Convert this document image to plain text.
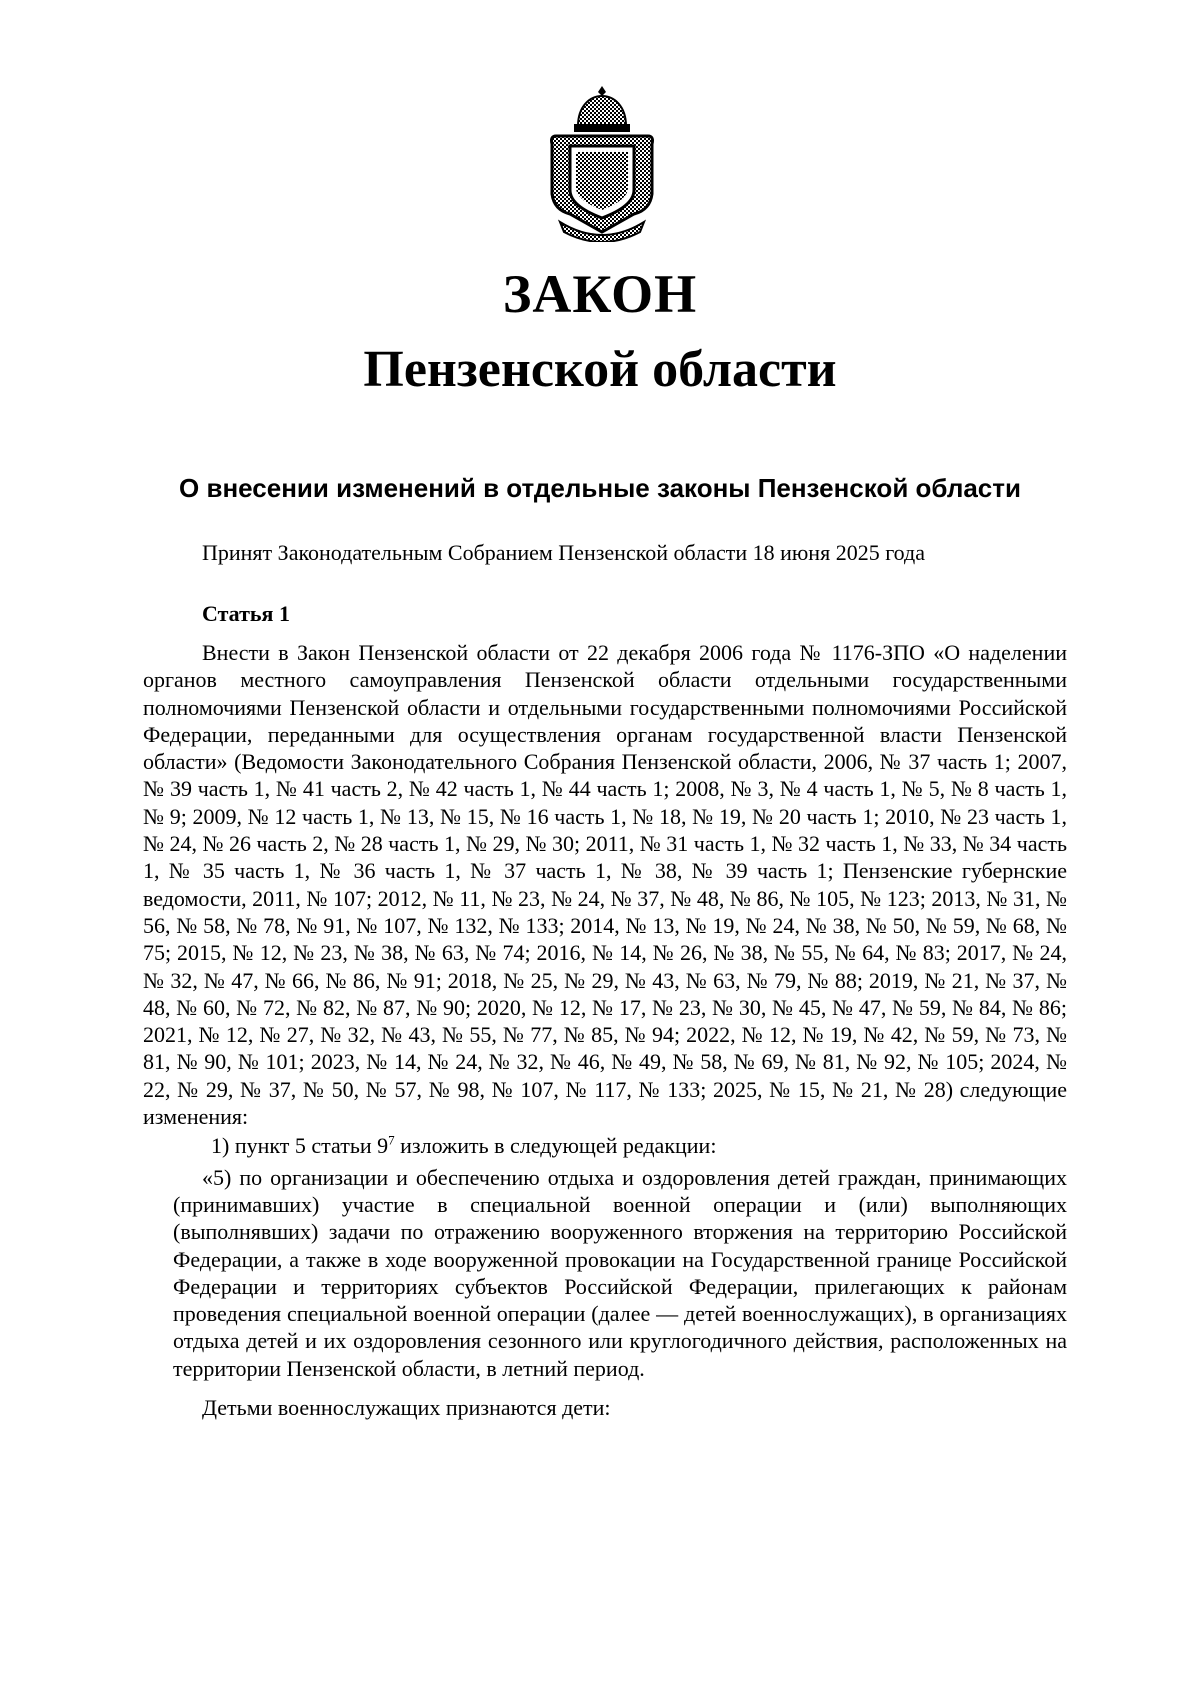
ЗАКОН
Пензенской области
О внесении изменений в отдельные законы Пензенской области
Принят Законодательным Собранием Пензенской области 18 июня 2025 года
Статья 1

Внести в Закон Пензенской области от 22 декабря 2006 года № 1176-ЗПО «О наделении органов местного самоуправления Пензенской области отдельными государственными полномочиями Пензенской области и отдельными государственными полномочиями Российской Федерации, переданными для осуществления органам государственной власти Пензенской области» (Ведомости Законодательного Собрания Пензенской области, 2006, № 37 часть 1; 2007, № 39 часть 1, № 41 часть 2, № 42 часть 1, № 44 часть 1; 2008, № 3, № 4 часть 1, № 5, № 8 часть 1, № 9; 2009, № 12 часть 1, № 13, № 15, № 16 часть 1, № 18, № 19, № 20 часть 1; 2010, № 23 часть 1, № 24, № 26 часть 2, № 28 часть 1, № 29, № 30; 2011, № 31 часть 1, № 32 часть 1, № 33, № 34 часть 1, № 35 часть 1, № 36 часть 1, № 37 часть 1, № 38, № 39 часть 1; Пензенские губернские ведомости, 2011, № 107; 2012, № 11, № 23, № 24, № 37, № 48, № 86, № 105, № 123; 2013, № 31, № 56, № 58, № 78, № 91, № 107, № 132, № 133; 2014, № 13, № 19, № 24, № 38, № 50, № 59, № 68, № 75; 2015, № 12, № 23, № 38, № 63, № 74; 2016, № 14, № 26, № 38, № 55, № 64, № 83; 2017, № 24, № 32, № 47, № 66, № 86, № 91; 2018, № 25, № 29, № 43, № 63, № 79, № 88; 2019, № 21, № 37, № 48, № 60, № 72, № 82, № 87, № 90; 2020, № 12, № 17, № 23, № 30, № 45, № 47, № 59, № 84, № 86; 2021, № 12, № 27, № 32, № 43, № 55, № 77, № 85, № 94; 2022, № 12, № 19, № 42, № 59, № 73, № 81, № 90, № 101; 2023, № 14, № 24, № 32, № 46, № 49, № 58, № 69, № 81, № 92, № 105; 2024, № 22, № 29, № 37, № 50, № 57, № 98, № 107, № 117, № 133; 2025, № 15, № 21, № 28) следующие изменения:

1) пункт 5 статьи $9^7$ изложить в следующей редакции:

«5) по организации и обеспечению отдыха и оздоровления детей граждан, принимающих (принимавших) участие в специальной военной операции и (или) выполняющих (выполнявших) задачи по отражению вооруженного вторжения на территорию Российской Федерации, а также в ходе вооруженной провокации на Государственной границе Российской Федерации и территориях субъектов Российской Федерации, прилегающих к районам проведения специальной военной операции (далее — детей военнослужащих), в организациях отдыха детей и их оздоровления сезонного или круглогодичного действия, расположенных на территории Пензенской области, в летний период.

Детьми военнослужащих признаются дети:
